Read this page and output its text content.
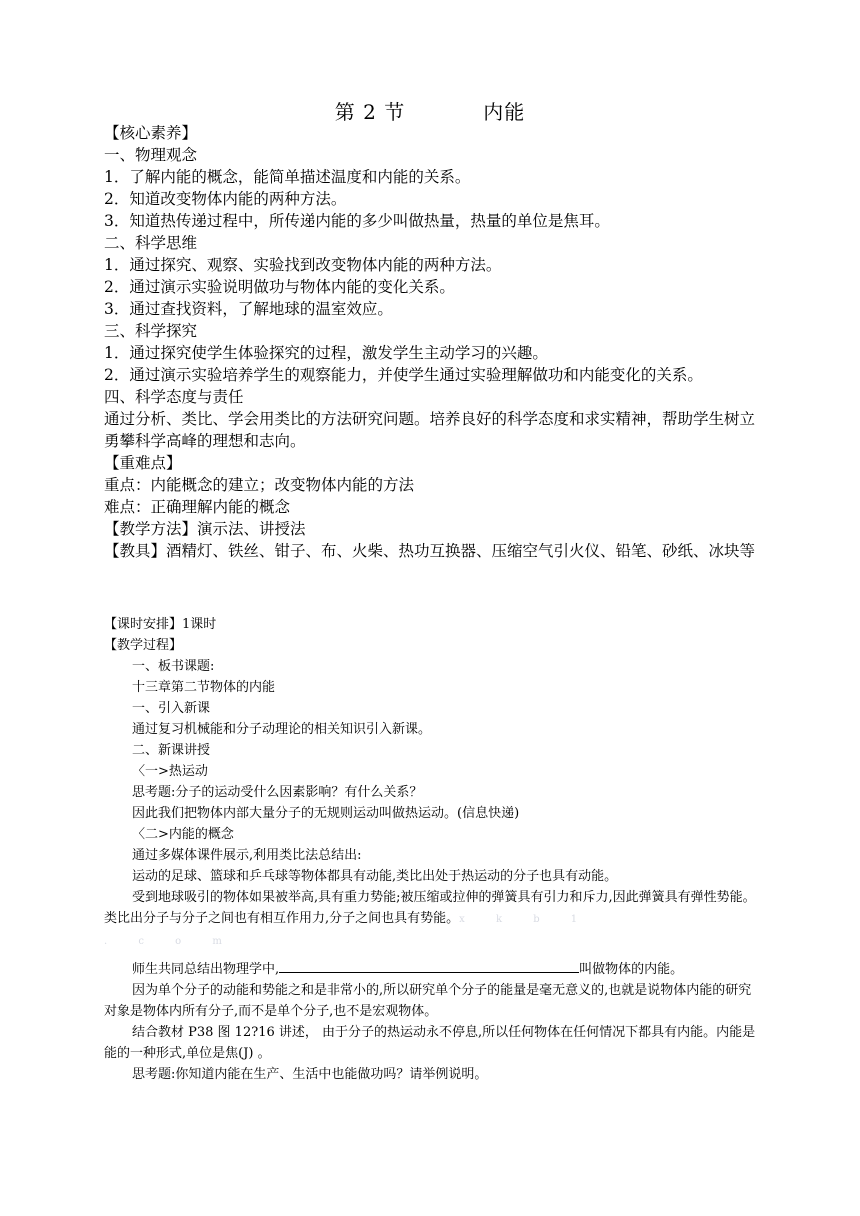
第 2 节	内能

【核心素养】

一、物理观念

1．了解内能的概念，能简单描述温度和内能的关系。

2．知道改变物体内能的两种方法。

3．知道热传递过程中，所传递内能的多少叫做热量，热量的单位是焦耳。

二、科学思维

1．通过探究、观察、实验找到改变物体内能的两种方法。

2．通过演示实验说明做功与物体内能的变化关系。

3．通过查找资料，了解地球的温室效应。

三、科学探究

1．通过探究使学生体验探究的过程，激发学生主动学习的兴趣。

2．通过演示实验培养学生的观察能力，并使学生通过实验理解做功和内能变化的关系。

四、科学态度与责任

通过分析、类比、学会用类比的方法研究问题。培养良好的科学态度和求实精神，帮助学生树立勇攀科学高峰的理想和志向。

【重难点】

重点：内能概念的建立；改变物体内能的方法

难点：正确理解内能的概念

【教学方法】演示法、讲授法

【教具】酒精灯、铁丝、钳子、布、火柴、热功互换器、压缩空气引火仪、铅笔、砂纸、冰块等

【课时安排】1课时

【教学过程】

一、板书课题:

十三章第二节物体的内能

一、引入新课

通过复习机械能和分子动理论的相关知识引入新课。

二、新课讲授

〈一>热运动

思考题:分子的运动受什么因素影响？有什么关系？

因此我们把物体内部大量分子的无规则运动叫做热运动。(信息快递)

〈二>内能的概念

通过多媒体课件展示,利用类比法总结出:

运动的足球、篮球和乒乓球等物体都具有动能,类比出处于热运动的分子也具有动能。

受到地球吸引的物体如果被举高,具有重力势能;被压缩或拉伸的弹簧具有引力和斥力,因此弹簧具有弹性势能。类比出分子与分子之间也有相互作用力,分子之间也具有势能。x k b 1

. c o m

师生共同总结出物理学中,	叫做物体的内能。

因为单个分子的动能和势能之和是非常小的,所以研究单个分子的能量是毫无意义的,也就是说物体内能的研究对象是物体内所有分子,而不是单个分子,也不是宏观物体。

结合教材 P38 图 12?16 讲述， 由于分子的热运动永不停息,所以任何物体在任何情况下都具有内能。内能是能的一种形式,单位是焦(J) 。

思考题:你知道内能在生产、生活中也能做功吗？请举例说明。
